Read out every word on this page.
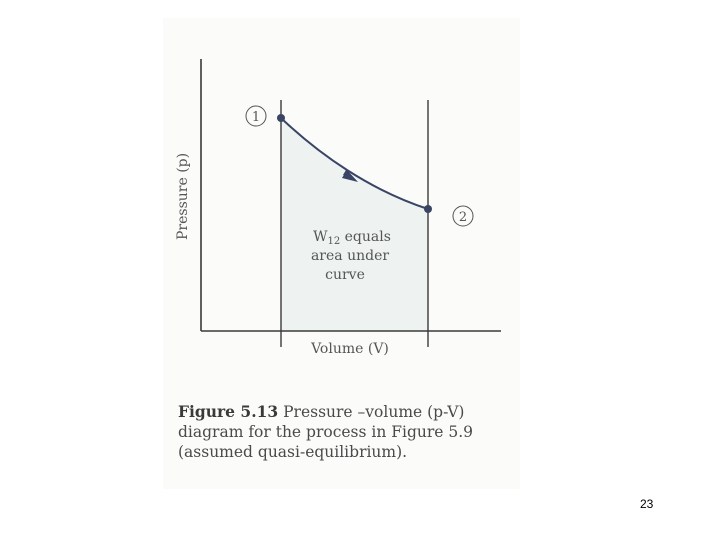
1
2
Pressure (p)
Volume (V)
$W_{12}$ equals
area under
curve
Figure 5.13 Pressure –volume (p-V)
diagram for the process in Figure 5.9
(assumed quasi-equilibrium).
23
